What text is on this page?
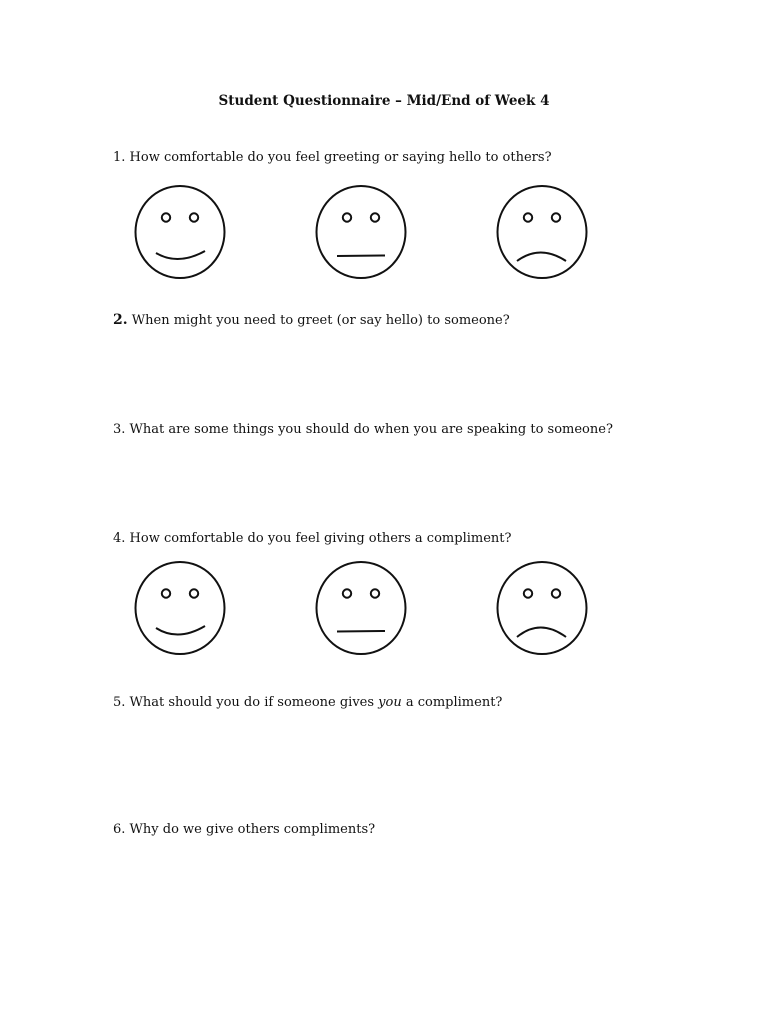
Student Questionnaire – Mid/End of Week 4
1. How comfortable do you feel greeting or saying hello to others?
2. When might you need to greet (or say hello) to someone?
3. What are some things you should do when you are speaking to someone?
4. How comfortable do you feel giving others a compliment?
5. What should you do if someone gives you a compliment?
6. Why do we give others compliments?
